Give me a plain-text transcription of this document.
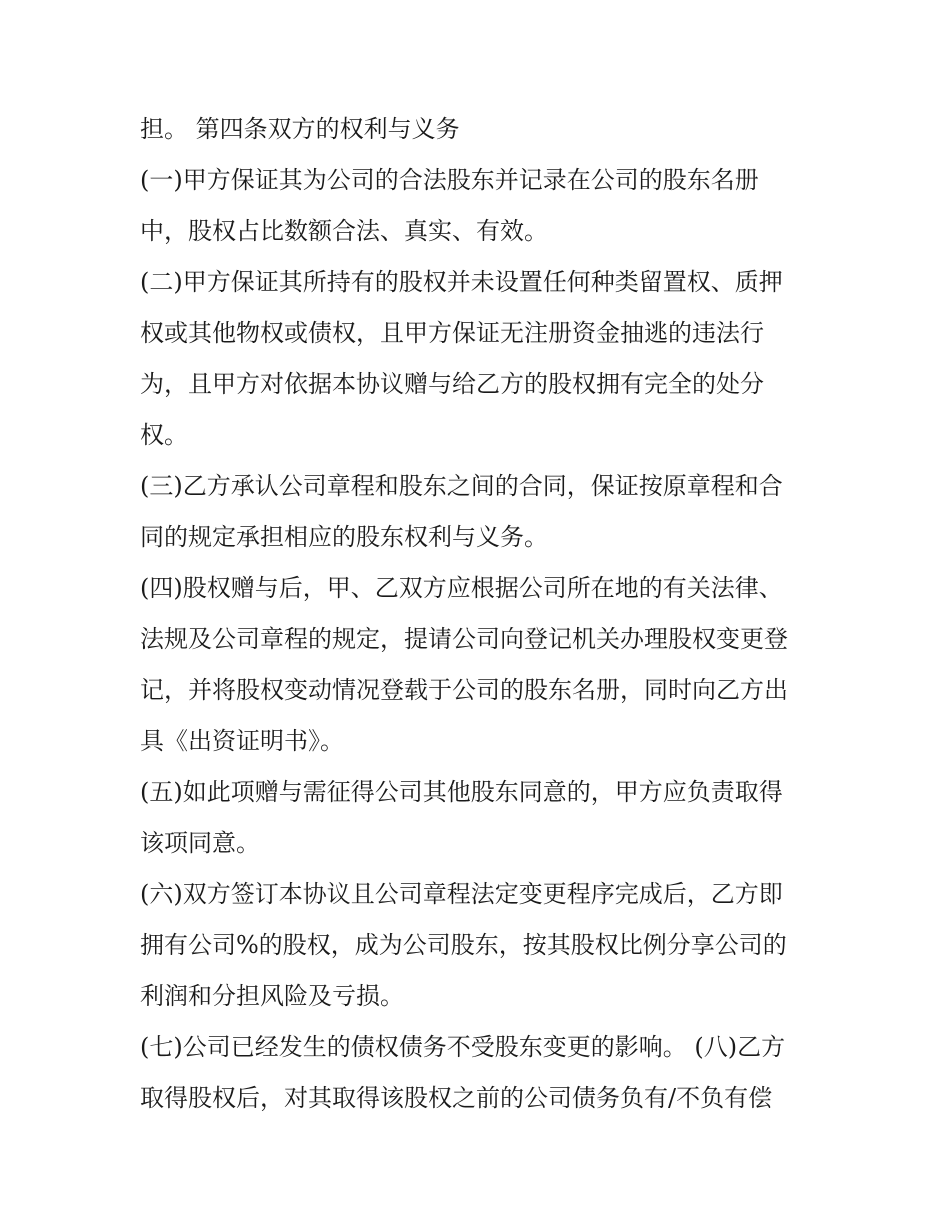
担。 第四条双方的权利与义务
(一)甲方保证其为公司的合法股东并记录在公司的股东名册
中，股权占比数额合法、真实、有效。
(二)甲方保证其所持有的股权并未设置任何种类留置权、质押
权或其他物权或债权，且甲方保证无注册资金抽逃的违法行
为，且甲方对依据本协议赠与给乙方的股权拥有完全的处分
权。
(三)乙方承认公司章程和股东之间的合同，保证按原章程和合
同的规定承担相应的股东权利与义务。
(四)股权赠与后，甲、乙双方应根据公司所在地的有关法律、
法规及公司章程的规定，提请公司向登记机关办理股权变更登
记，并将股权变动情况登载于公司的股东名册，同时向乙方出
具《出资证明书》。
(五)如此项赠与需征得公司其他股东同意的，甲方应负责取得
该项同意。
(六)双方签订本协议且公司章程法定变更程序完成后，乙方即
拥有公司%的股权，成为公司股东，按其股权比例分享公司的
利润和分担风险及亏损。
(七)公司已经发生的债权债务不受股东变更的影响。 (八)乙方
取得股权后，对其取得该股权之前的公司债务负有/不负有偿
